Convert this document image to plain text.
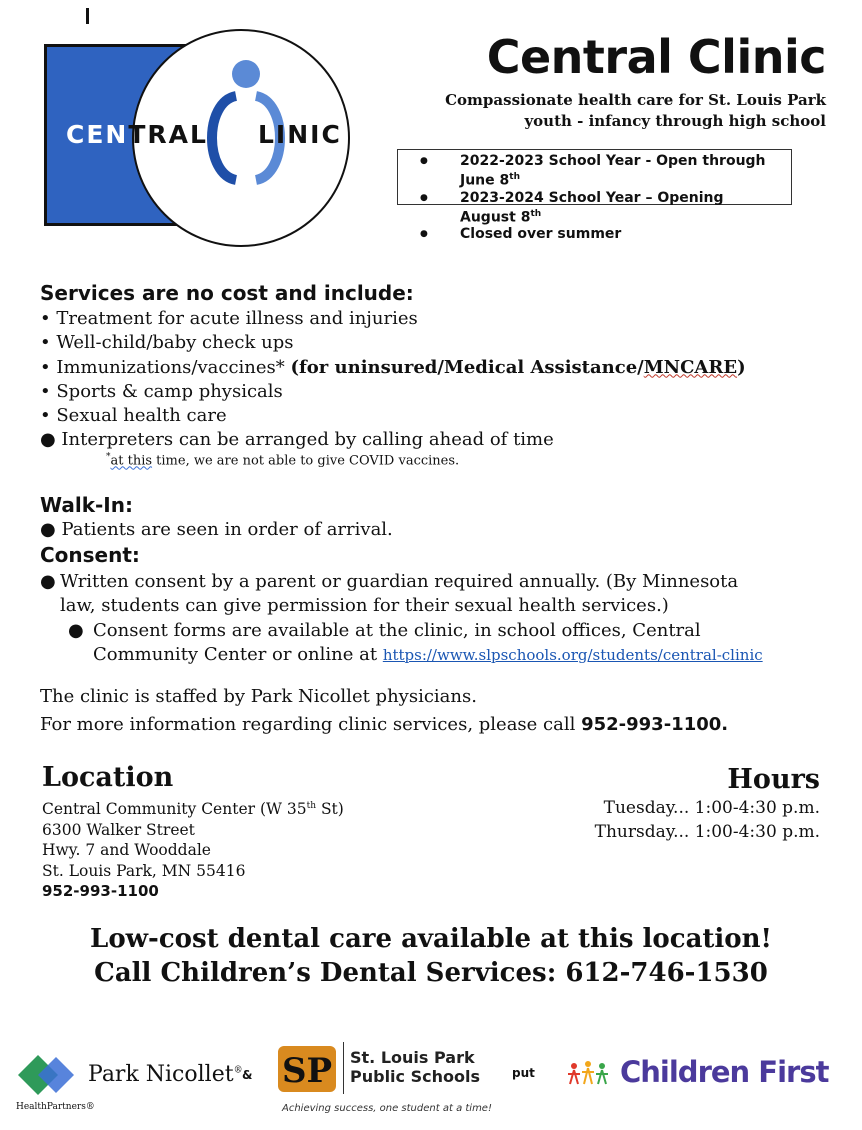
CENTRAL LINIC
Central Clinic
Compassionate health care for St. Louis Park
youth - infancy through high school
● 2022-2023 School Year - Open through June 8th
● 2023-2024 School Year – Opening August 8th
● Closed over summer
Services are no cost and include:
• Treatment for acute illness and injuries
• Well-child/baby check ups
• Immunizations/vaccines* (for uninsured/Medical Assistance/MNCARE)
• Sports & camp physicals
• Sexual health care
● Interpreters can be arranged by calling ahead of time
*at this time, we are not able to give COVID vaccines.
Walk-In:
● Patients are seen in order of arrival.
Consent:
● Written consent by a parent or guardian required annually. (By Minnesota
law, students can give permission for their sexual health services.)
● Consent forms are available at the clinic, in school offices, Central
Community Center or online at https://www.slpschools.org/students/central-clinic
The clinic is staffed by Park Nicollet physicians.
For more information regarding clinic services, please call 952-993-1100.
Location	Hours
Central Community Center (W 35th St)
6300 Walker Street
Hwy. 7 and Wooddale
St. Louis Park, MN 55416
952-993-1100
Tuesday... 1:00-4:30 p.m.
Thursday... 1:00-4:30 p.m.
Low-cost dental care available at this location!
Call Children’s Dental Services: 612-746-1530
Park Nicollet®
HealthPartners®
& SP St. Louis Park
Public Schools
Achieving success, one student at a time!
put	Children First
